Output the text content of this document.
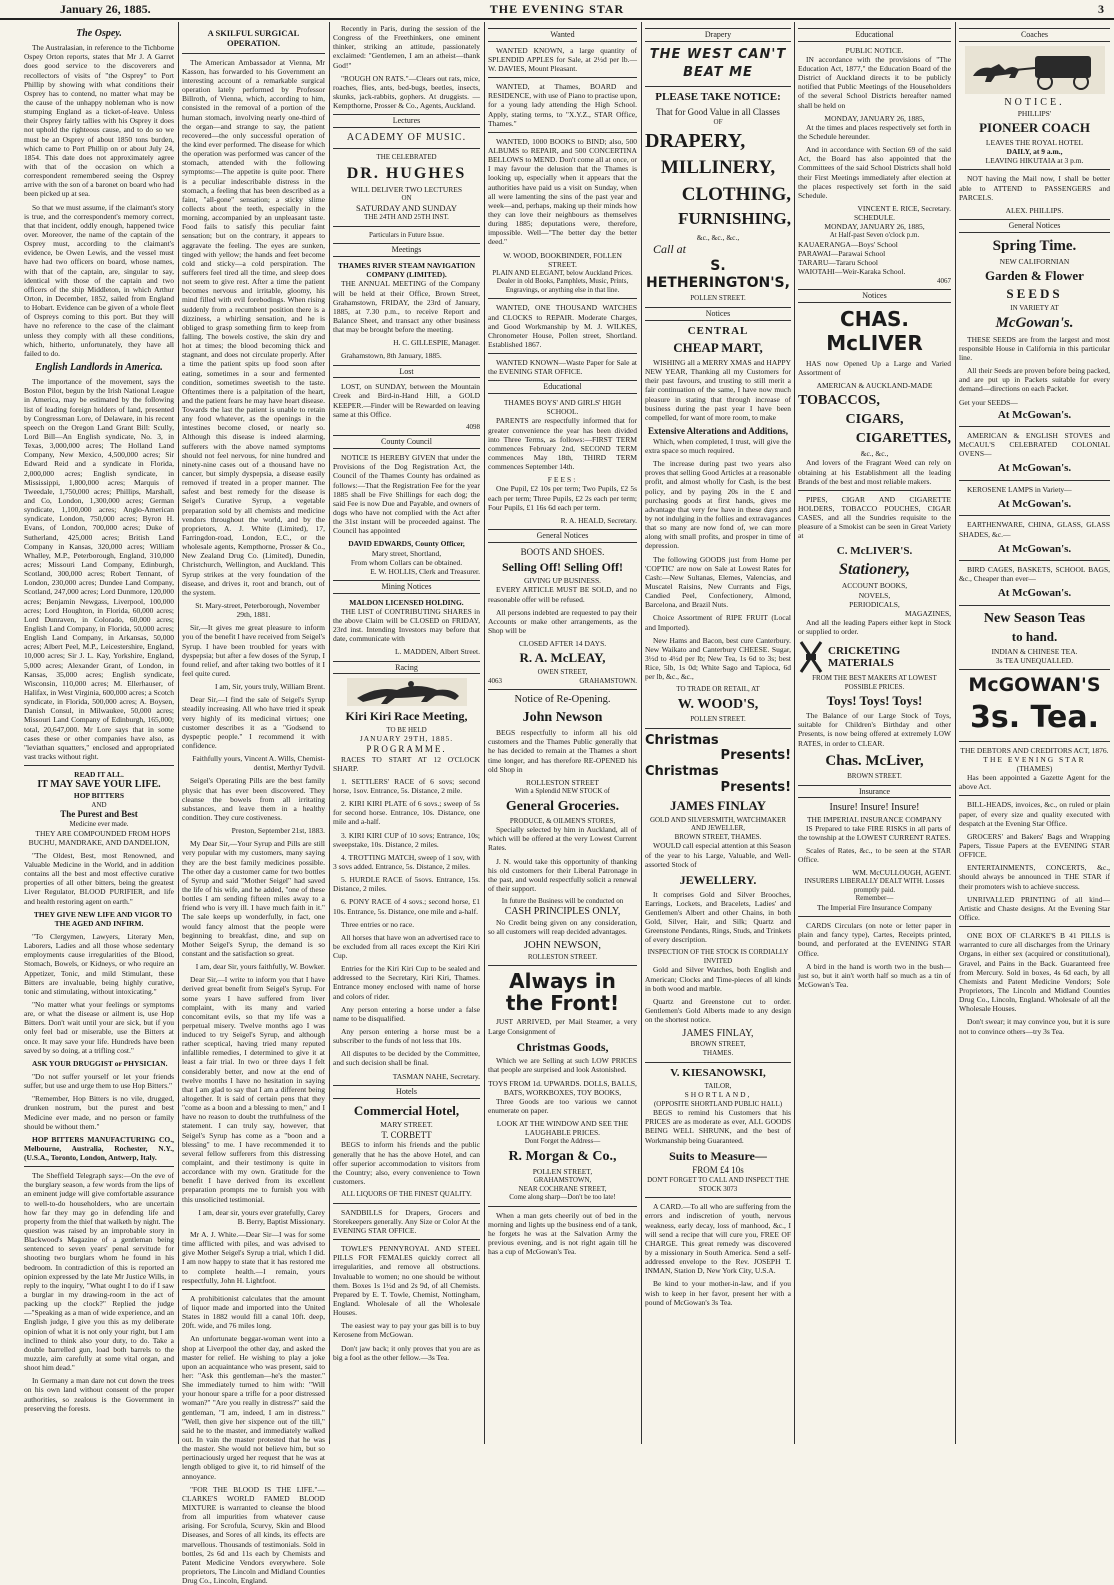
January 26, 1885.	THE EVENING STAR	3
The Ospey.

The Australasian, in reference to the Tichborne Ospey Orton reports, states that Mr J. A Garret does good service to the discoverers and recollectors of visits of "the Osprey" to Port Phillip by showing with what conditions their Osprey has to contend, no matter what may be the cause of the unhappy nobleman who is now stumping England as a ticket-of-leave. Unless their Osprey fairly tallies with his Osprey it does not uphold the righteous cause, and to do so we must be an Osprey of about 1850 tons burden, which came to Port Phillip on or about July 24, 1854. This date does not approximately agree with that of the occasion on which a correspondent remembered seeing the Osprey arrive with the son of a baronet on board who had been picked up at sea.

So that we must assume, if the claimant's story is true, and the correspondent's memory correct, that that incident, oddly enough, happened twice over. Moreover, the name of the captain of the Osprey must, according to the claimant's evidence, be Owen Lewis, and the vessel must have had two officers on board, whose names, with that of the captain, are, singular to say, identical with those of the captain and two officers of the ship Middleton, in which Arthur Orton, in December, 1852, sailed from England to Hobart. Evidence can be given of a whole fleet of Ospreys coming to this port. But they will have no reference to the case of the claimant unless they comply with all these conditions, which, hitherto, unfortunately, they have all failed to do.

English Landlords in America.

The importance of the movement, says the Boston Pilot, begun by the Irish National League in America, may be estimated by the following list of leading foreign holders of land, presented by Congressman Lore, of Delaware, in his recent speech on the Oregon Land Grant Bill: Scully, Lord Bill—An English syndicate, No. 3, in Texas, 3,000,000 acres; The Holland Land Company, New Mexico, 4,500,000 acres; Sir Edward Reid and a syndicate in Florida, 2,000,000 acres; English syndicate, in Mississippi, 1,800,000 acres; Marquis of Tweedale, 1,750,000 acres; Phillips, Marshall, and Co, London, 1,300,000 acres; German syndicate, 1,100,000 acres; Anglo-American syndicate, London, 750,000 acres; Byron H. Evans, of London, 700,000 acres; Duke of Sutherland, 425,000 acres; British Land Company in Kansas, 320,000 acres; William Whalley, M.P., Peterborough, England, 310,000 acres; Missouri Land Company, Edinburgh, Scotland, 300,000 acres; Robert Tennant, of London, 230,000 acres; Dundee Land Company, Scotland, 247,000 acres; Lord Dunmore, 120,000 acres; Benjamin Newgass, Liverpool, 100,000 acres; Lord Houghton, in Florida, 60,000 acres; Lord Dunraven, in Colorado, 60,000 acres; English Land Company, in Florida, 50,000 acres; English Land Company, in Arkansas, 50,000 acres; Albert Peel, M.P., Leicestershire, England, 10,000 acres; Sir J. L. Kay, Yorkshire, England, 5,000 acres; Alexander Grant, of London, in Kansas, 35,000 acres; English syndicate, Wisconsin, 110,000 acres; M. Ellerhauser, of Halifax, in West Virginia, 600,000 acres; a Scotch syndicate, in Florida, 500,000 acres; A. Boysen, Danish Consul, in Milwaukee, 50,000 acres; Missouri Land Company of Edinburgh, 165,000; total, 20,647,000. Mr Lore says that in some cases these or other companies have also, as "leviathan squatters," enclosed and appropriated vast tracks without right.

READ IT ALL.
IT MAY SAVE YOUR LIFE.
HOP BITTERS
AND
The Purest and Best
Medicine ever made.

THEY ARE COMPOUNDED FROM HOPS BUCHU, MANDRAKE, AND DANDELION,

"The Oldest, Best, most Renowned, and Valuable Medicine in the World, and in addition contains all the best and most effective curative properties of all other bitters, being the greatest Liver Regulator, BLOOD PURIFIER, and life and health restoring agent on earth."

THEY GIVE NEW LIFE AND VIGOR TO THE AGED AND INFIRM.

"To Clergymen, Lawyers, Literary Men, Laborers, Ladies and all those whose sedentary employments cause irregularities of the Blood, Stomach, Bowels, or Kidneys, or who require an Appetizer, Tonic, and mild Stimulant, these Bitters are invaluable, being highly curative, tonic and stimulating, without intoxicating."

"No matter what your feelings or symptoms are, or what the disease or ailment is, use Hop Bitters. Don't wait until your are sick, but if you only feel bad or miserable, use the Bitters at once. It may save your life. Hundreds have been saved by so doing, at a trifling cost."

ASK YOUR DRUGGIST or PHYSICIAN.

"Do not suffer yourself or let your friends suffer, but use and urge them to use Hop Bitters."

"Remember, Hop Bitters is no vile, drugged, drunken nostrum, but the purest and best Medicine ever made, and no person or family should be without them."

HOP BITTERS MANUFACTURING CO., Melbourne, Australia, Rochester, N.Y., (U.S.A., Toronto, London, Antwerp, Italy.

The Sheffield Telegraph says:—On the eve of the burglary season, a few words from the lips of an eminent judge will give comfortable assurance to well-to-do householders, who are uncertain how far they may go in defending life and property from the thief that walketh by night. The question was raised by an improbable story in Blackwood's Magazine of a gentleman being sentenced to seven years' penal servitude for shooting two burglars whom he found in his bedroom. In contradiction of this is reported an opinion expressed by the late Mr Justice Wills, in reply to the inquiry, "What ought I to do if I saw a burglar in my drawing-room in the act of packing up the clock?" Replied the judge—"Speaking as a man of wide experience, and an English judge, I give you this as my deliberate opinion of what it is not only your right, but I am inclined to think also your duty, to do. Take a double barrelled gun, load both barrels to the muzzle, aim carefully at some vital organ, and shoot him dead."

In Germany a man dare not cut down the trees on his own land without consent of the proper authorities, so zealous is the Government in preserving the forests.

A SKILFUL SURGICAL OPERATION.

The American Ambassador at Vienna, Mr Kasson, has forwarded to his Government an interesting account of a remarkable surgical operation lately performed by Professor Billroth, of Vienna, which, according to him, consisted in the removal of a portion of the human stomach, involving nearly one-third of the organ—and strange to say, the patient recovered—the only successful operation of the kind ever performed. The disease for which the operation was performed was cancer of the stomach, attended with the following symptoms:—The appetite is quite poor. There is a peculiar indescribable distress in the stomach, a feeling that has been described as a faint, "all-gone" sensation; a sticky slime collects about the teeth, especially in the morning, accompanied by an unpleasant taste. Food fails to satisfy this peculiar faint sensation; but on the contrary, it appears to aggravate the feeling. The eyes are sunken, tinged with yellow; the hands and feet become cold and sticky—a cold perspiration. The sufferers feel tired all the time, and sleep does not seem to give rest. After a time the patient becomes nervous and irritable, gloomy, his mind filled with evil forebodings. When rising suddenly from a recumbent position there is a dizziness, a whirling sensation, and he is obliged to grasp something firm to keep from falling. The bowels costive, the skin dry and hot at times; the blood becoming thick and stagnant, and does not circulate properly. After a time the patient spits up food soon after eating, sometimes in a sour and fermented condition, sometimes sweetish to the taste. Oftentimes there is a palpitation of the heart, and the patient fears he may have heart disease. Towards the last the patient is unable to retain any food whatever, as the openings in the intestines become closed, or nearly so. Although this disease is indeed alarming, sufferers with the above named symptoms should not feel nervous, for nine hundred and ninety-nine cases out of a thousand have no cancer, but simply dyspepsia, a disease easily removed if treated in a proper manner. The safest and best remedy for the disease is Seigel's Curative Syrup, a vegetable preparation sold by all chemists and medicine vendors throughout the world, and by the proprietors, A. J. White (Limited), 17, Farringdon-road, London, E.C., or the wholesale agents, Kempthorne, Prosser & Co., New Zealand Drug Co. (Limited), Dunedin, Christchurch, Wellington, and Auckland. This Syrup strikes at the very foundation of the disease, and drives it, root and branch, out of the system.

St. Mary-street, Peterborough, November 29th, 1881.

Sir,—It gives me great pleasure to inform you of the benefit I have received from Seigel's Syrup. I have been troubled for years with dyspepsia; but after a few doses of the Syrup, I found relief, and after taking two bottles of it I feel quite cured.

I am, Sir, yours truly, William Brent.

Dear Sir,—I find the sale of Seigel's Syrup steadily increasing. All who have tried it speak very highly of its medicinal virtues; one customer describes it as a "Godsend to dyspeptic people." I recommend it with confidence.

Faithfully yours, Vincent A. Wills, Chemist-dentist, Merthyr Tydvil.

Seigel's Operating Pills are the best family physic that has ever been discovered. They cleanse the bowels from all irritating substances, and leave them in a healthy condition. They cure costiveness.

Preston, September 21st, 1883.

My Dear Sir,—Your Syrup and Pills are still very popular with my customers, many saying they are the best family medicines possible. The other day a customer came for two bottles of Syrup and said "Mother Seigel" had saved the life of his wife, and he added, "one of these bottles I am sending fifteen miles away to a friend who is very ill. I have much faith in it." The sale keeps up wonderfully, in fact, one would fancy almost that the people were beginning to breakfast, dine, and sup on Mother Seigel's Syrup, the demand is so constant and the satisfaction so great.

I am, dear Sir, yours faithfully, W. Bowker.

Dear Sir,—I write to inform you that I have derived great benefit from Seigel's Syrup. For some years I have suffered from liver complaint, with its many and varied concomitant evils, so that my life was a perpetual misery. Twelve months ago I was induced to try Seigel's Syrup, and although rather sceptical, having tried many reputed infallible remedies, I determined to give it at least a fair trial. In two or three days I felt considerably better, and now at the end of twelve months I have no hesitation in saying that I am glad to say that I am a different being altogether. It is said of certain pens that they "come as a boon and a blessing to men," and I have no reason to doubt the truthfulness of the statement. I can truly say, however, that Seigel's Syrup has come as a "boon and a blessing" to me. I have recommended it to several fellow sufferers from this distressing complaint, and their testimony is quite in accordance with my own. Gratitude for the benefit I have derived from its excellent preparation prompts me to furnish you with this unsolicited testimonial.

I am, dear sir, yours ever gratefully, Carey B. Berry, Baptist Missionary.

Mr A. J. White.—Dear Sir—I was for some time afflicted with piles, and was advised to give Mother Seigel's Syrup a trial, which I did. I am now happy to state that it has restored me to complete health.—I remain, yours respectfully, John H. Lightfoot.

A prohibitionist calculates that the amount of liquor made and imported into the United States in 1882 would fill a canal 10ft. deep, 20ft. wide, and 76 miles long.

An unfortunate beggar-woman went into a shop at Liverpool the other day, and asked the master for relief. He wishing to play a joke upon an acquaintance who was present, said to her: "Ask this gentleman—he's the master." She immediately turned to him with: "Will your honour spare a trifle for a poor distressed woman?" "Are you really in distress?" said the gentleman, "I am, indeed, I am in distress." "Well, then give her sixpence out of the till," said he to the master, and immediately walked out. In vain the master protested that he was the master. She would not believe him, but so pertinaciously urged her request that he was at length obliged to give it, to rid himself of the annoyance.

"FOR THE BLOOD IS THE LIFE."—CLARKE'S WORLD FAMED BLOOD MIXTURE is warranted to cleanse the blood from all impurities from whatever cause arising. For Scrofula, Scurvy, Skin and Blood Diseases, and Sores of all kinds, its effects are marvellous. Thousands of testimonials. Sold in bottles, 2s 6d and 11s each by Chemists and Patent Medicine Vendors everywhere. Sole proprietors, The Lincoln and Midland Counties Drug Co., Lincoln, England.

Recently in Paris, during the session of the Congress of the Freethinkers, one eminent thinker, striking an attitude, passionately exclaimed: "Gentlemen, I am an atheist—thank God!"

"ROUGH ON RATS."—Clears out rats, mice, roaches, flies, ants, bed-bugs, beetles, insects, skunks, jack-rabbits, gophers. At druggists. —Kempthorne, Prosser & Co., Agents, Auckland.

Lectures
ACADEMY OF MUSIC.
THE CELEBRATED
DR. HUGHES
WILL DELIVER TWO LECTURES
ON
SATURDAY AND SUNDAY
THE 24TH AND 25TH INST.
Particulars in Future Issue.
Meetings
THAMES RIVER STEAM NAVIGATION COMPANY (LIMITED).

THE ANNUAL MEETING of the Company will be held at their Office, Brown Street, Grahamstown, FRIDAY, the 23rd of January, 1885, at 7.30 p.m., to receive Report and Balance Sheet, and transact any other business that may be brought before the meeting.

H. C. GILLESPIE, Manager.

Grahamstown, 8th January, 1885.

Lost

LOST, on SUNDAY, between the Mountain Creek and Bird-in-Hand Hill, a GOLD KEEPER.—Finder will be Rewarded on leaving same at this Office.

4098
County Council

NOTICE IS HEREBY GIVEN that under the Provisions of the Dog Registration Act, the Council of the Thames County has ordained as follows:—That the Registration Fee for the year 1885 shall be Five Shillings for each dog; the said Fee is now Due and Payable, and owners of dogs who have not complied with the Act after the 31st instant will be proceeded against. The Council has appointed

DAVID EDWARDS, County Officer,
Mary street, Shortland,
From whom Collars can be obtained.
E. W. HOLLIS, Clerk and Treasurer.
Mining Notices
MALDON LICENSED HOLDING.

THE LIST of CONTRIBUTING SHARES in the above Claim will be CLOSED on FRIDAY, 23rd inst. Intending Investors may before that date, communicate with

L. MADDEN, Albert Street.
Racing
Kiri Kiri Race Meeting,
TO BE HELD
JANUARY 29TH, 1885.
PROGRAMME.

RACES TO START AT 12 O'CLOCK SHARP.

1. SETTLERS' RACE of 6 sovs; second horse, 1sov. Entrance, 5s. Distance, 2 mile.

2. KIRI KIRI PLATE of 6 sovs.; sweep of 5s for second horse. Entrance, 10s. Distance, one mile and a-half.

3. KIRI KIRI CUP of 10 sovs; Entrance, 10s; sweepstake, 10s. Distance, 2 miles.

4. TROTTING MATCH, sweep of 1 sov, with 3 sovs added. Entrance, 5s. Distance, 2 miles.

5. HURDLE RACE of 5sovs. Entrance, 15s. Distance, 2 miles.

6. PONY RACE of 4 sovs.; second horse, £1 10s. Entrance, 5s. Distance, one mile and a-half.

Three entries or no race.

All horses that have won an advertised race to be excluded from all races except the Kiri Kiri Cup.

Entries for the Kiri Kiri Cup to be sealed and addressed to the Secretary, Kiri Kiri, Thames. Entrance money enclosed with name of horse and colors of rider.

Any person entering a horse under a false name to be disqualified.

Any person entering a horse must be a subscriber to the funds of not less that 10s.

All disputes to be decided by the Committee, and such decision shall be final.

TASMAN NAHE, Secretary.
Hotels
Commercial Hotel,
MARY STREET.
T. CORBETT

BEGS to inform his friends and the public generally that he has the above Hotel, and can offer superior accommodation to visitors from the Country; also, every convenience to Town customers.

ALL LIQUORS OF THE FINEST QUALITY.

SANDBILLS for Drapers, Grocers and Storekeepers generally. Any Size or Color At the EVENING STAR OFFICE.

TOWLE'S PENNYROYAL AND STEEL PILLS FOR FEMALES quickly correct all irregularities, and remove all obstructions. Invaluable to women; no one should be without them. Boxes 1s 1½d and 2s 9d, of all Chemists. Prepared by E. T. Towle, Chemist, Nottingham, England. Wholesale of all the Wholesale Houses.

The easiest way to pay your gas bill is to buy Kerosene from McGowan.

Don't jaw back; it only proves that you are as big a fool as the other fellow.—3s Tea.

Wanted

WANTED KNOWN, a large quantity of SPLENDID APPLES for Sale, at 2½d per lb.—W. DAVIES, Mount Pleasant.

WANTED, at Thames, BOARD and RESIDENCE, with use of Piano to practise upon, for a young lady attending the High School. Apply, stating terms, to "X.Y.Z., STAR Office, Thames."

WANTED, 1000 BOOKS to BIND; also, 500 ALBUMS to REPAIR, and 500 CONCERTINA BELLOWS to MEND. Don't come all at once, or I may favour the delusion that the Thames is looking up, especially when it appears that the authorities have paid us a visit on Sunday, when all were lamenting the sins of the past year and week—and, perhaps, making up their minds how they can love their neighbours as themselves during 1885; deputations were, therefore, impossible. Well—"The better day the better deed."

W. WOOD, BOOKBINDER, FOLLEN STREET.
PLAIN AND ELEGANT, below Auckland Prices.
Dealer in old Books, Pamphlets, Music, Prints, Engravings, or anything else in that line.

WANTED, ONE THOUSAND WATCHES and CLOCKS to REPAIR. Moderate Charges, and Good Workmanship by M. J. WILKES, Chronometer House, Pollen street, Shortland. Established 1867.

WANTED KNOWN—Waste Paper for Sale at the EVENING STAR OFFICE.

Educational
THAMES BOYS' AND GIRLS' HIGH SCHOOL.

PARENTS are respectfully informed that for greater convenience the year has been divided into Three Terms, as follows:—FIRST TERM commences February 2nd, SECOND TERM commences May 18th, THIRD TERM commences September 14th.

FEES:

One Pupil, £2 10s per term; Two Pupils, £2 5s each per term; Three Pupils, £2 2s each per term; Four Pupils, £1 16s 6d each per term.

R. A. HEALD, Secretary.
General Notices
BOOTS AND SHOES.
Selling Off! Selling Off!
GIVING UP BUSINESS.

EVERY ARTICLE MUST BE SOLD, and no reasonable offer will be refused.

All persons indebted are requested to pay their Accounts or make other arrangements, as the Shop will be

CLOSED AFTER 14 DAYS.
R. A. McLEAY,
OWEN STREET,
4063	GRAHAMSTOWN.
Notice of Re-Opening.
John Newson

BEGS respectfully to inform all his old customers and the Thames Public generally that he has decided to remain at the Thames a short time longer, and has therefore RE-OPENED his old Shop in

ROLLESTON STREET
With a Splendid NEW STOCK of
General Groceries.
PRODUCE, & OILMEN'S STORES,

Specially selected by him in Auckland, all of which will be offered at the very Lowest Current Rates.

J. N. would take this opportunity of thanking his old customers for their Liberal Patronage in the past, and would respectfully solicit a renewal of their support.

In future the Business will be conducted on
CASH PRINCIPLES ONLY,

No Credit being given on any consideration, so all customers will reap decided advantages.

JOHN NEWSON,
ROLLESTON STREET.
Always in the Front!

JUST ARRIVED, per Mail Steamer, a very Large Consignment of

Christmas Goods,

Which we are Selling at such LOW PRICES that people are surprised and look Astonished.

TOYS FROM 1d. UPWARDS. DOLLS, BALLS, BATS, WORKBOXES, TOY BOOKS,

Three Goods are too various we cannot enumerate on paper.

LOOK AT THE WINDOW AND SEE THE LAUGHABLE PRICES.
Dont Forget the Address—
R. Morgan & Co.,
POLLEN STREET,
GRAHAMSTOWN,
NEAR COCHRANE STREET,
Come along sharp—Don't be too late!

When a man gets cheerily out of bed in the morning and lights up the business end of a tank, he forgets he was at the Salvation Army the previous evening, and is not right again till he has a cup of McGowan's Tea.

Drapery
THE WEST CAN'T BEAT ME
PLEASE TAKE NOTICE:
That for Good Value in all Classes
OF
DRAPERY,
MILLINERY,
CLOTHING,
FURNISHING,
&c., &c., &c.,
Call at
S. HETHERINGTON'S,
POLLEN STREET.
Notices
CENTRAL
CHEAP MART,

WISHING all a MERRY XMAS and HAPPY NEW YEAR, Thanking all my Customers for their past favours, and trusting to still merit a fair continuation of the same, I have now much pleasure in stating that through increase of business during the past year I have been compelled, for want of more room, to make

Extensive Alterations and Additions,

Which, when completed, I trust, will give the extra space so much required.

The increase during past two years also proves that selling Good Articles at a reasonable profit, and almost wholly for Cash, is the best policy, and by paying 20s in the £ and purchasing goods at first hands, gives me advantage that very few have in these days and by not indulging in the follies and extravagances that so many are now fond of, we can more along with small profits, and prosper in time of depression.

The following GOODS just from Home per 'COPTIC' are now on Sale at Lowest Rates for Cash:—New Sultanas, Elemes, Valencias, and Muscatel Raisins, New Currants and Figs, Candied Peel, Confectionery, Almond, Barcelona, and Brazil Nuts.

Choice Assortment of RIPE FRUIT (Local and Imported).

New Hams and Bacon, best cure Canterbury. New Waikato and Canterbury CHEESE. Sugar, 3½d to 4½d per lb; New Tea, 1s 6d to 3s; best Rice, 5lb, 1s 0d; White Sago and Tapioca, 6d per lb, &c., &c.,

TO TRADE OR RETAIL, AT
W. WOOD'S,
POLLEN STREET.
Christmas
Presents!
Christmas
Presents!
JAMES FINLAY
GOLD AND SILVERSMITH, WATCHMAKER AND JEWELLER,
BROWN STREET, THAMES.

WOULD call especial attention at this Season of the year to his Large, Valuable, and Well-assorted Stock of

JEWELLERY.

It comprises Gold and Silver Brooches, Earrings, Lockets, and Bracelets, Ladies' and Gentlemen's Albert and other Chains, in both Gold, Silver, Hair, and Silk; Quartz and Greenstone Pendants, Rings, Studs, and Trinkets of every description.

INSPECTION OF THE STOCK IS CORDIALLY INVITED

Gold and Silver Watches, both English and American; Clocks and Time-pieces of all kinds in both wood and marble.

Quartz and Greenstone cut to order. Gentlemen's Gold Alberts made to any design on the shortest notice.

JAMES FINLAY,
BROWN STREET,
THAMES.
V. KIESANOWSKI,
TAILOR,
SHORTLAND,
(OPPOSITE SHORTLAND PUBLIC HALL)

BEGS to remind his Customers that his PRICES are as moderate as ever, ALL GOODS BEING WELL SHRUNK, and the best of Workmanship being Guaranteed.

Suits to Measure—
FROM £4 10s
DON'T FORGET TO CALL AND INSPECT THE STOCK 3073

A CARD.—To all who are suffering from the errors and indiscretion of youth, nervous weakness, early decay, loss of manhood, &c., I will send a recipe that will cure you, FREE OF CHARGE. This great remedy was discovered by a missionary in South America. Send a self-addressed envelope to the Rev. JOSEPH T. INMAN, Station D, New York City, U.S.A.

Be kind to your mother-in-law, and if you wish to keep in her favor, present her with a pound of McGowan's 3s Tea.

Educational
PUBLIC NOTICE.

IN accordance with the provisions of "The Education Act, 1877," the Education Board of the District of Auckland directs it to be publicly notified that Public Meetings of the Householders of the several School Districts hereafter named shall be held on

MONDAY, JANUARY 26, 1885,

At the times and places respectively set forth in the Schedule hereunder.

And in accordance with Section 69 of the said Act, the Board has also appointed that the Committees of the said School Districts shall hold their First Meetings immediately after election at the places respectively set forth in the said Schedule.

VINCENT E. RICE, Secretary.
SCHEDULE.
MONDAY, JANUARY 26, 1885,
At Half-past Seven o'clock p.m.
KAUAERANGA—Boys' School
PARAWAI—Parawai School
TARARU—Tararu School
WAIOTAHI—Weir-Karaka School.
4067
Notices
CHAS. McLIVER

HAS now Opened Up a Large and Varied Assortment of

AMERICAN & AUCKLAND-MADE
TOBACCOS,
CIGARS,
CIGARETTES,
&c., &c.,

And lovers of the Fragrant Weed can rely on obtaining at his Establishment all the leading Brands of the best and most reliable makers.

PIPES, CIGAR AND CIGARETTE HOLDERS, TOBACCO POUCHES, CIGAR CASES, and all the Sundries requisite to the pleasure of a Smokist can be seen in Great Variety at

C. McLIVER'S.
Stationery,
ACCOUNT BOOKS,
NOVELS,
PERIODICALS,
MAGAZINES,

And all the leading Papers either kept in Stock or supplied to order.

CRICKETING MATERIALS
FROM THE BEST MAKERS AT LOWEST POSSIBLE PRICES.
Toys! Toys! Toys!

The Balance of our Large Stock of Toys, suitable for Children's Birthday and other Presents, is now being offered at extremely LOW RATES, in order to CLEAR.

Chas. McLiver,
BROWN STREET.
Insurance
Insure! Insure! Insure!
THE IMPERIAL INSURANCE COMPANY

IS Prepared to take FIRE RISKS in all parts of the township at the LOWEST CURRENT RATES.

Scales of Rates, &c., to be seen at the STAR Office.

WM. McCULLOUGH, AGENT.
INSURERS LIBERALLY DEALT WITH. Losses promptly paid.
Remember—
The Imperial Fire Insurance Company

CARDS Circulars (on note or letter paper in plain and fancy type), Cartes, Receipts printed, bound, and perforated at the EVENING STAR Office.

A bird in the hand is worth two in the bush—just so, but it ain't worth half so much as a tin of McGowan's Tea.

Coaches
NOTICE.
PHILLIPS'
PIONEER COACH
LEAVES THE ROYAL HOTEL
DAILY, at 9 a.m.,
LEAVING HIKUTAIA at 3 p.m.

NOT having the Mail now, I shall be better able to ATTEND to PASSENGERS and PARCELS.

ALEX. PHILLIPS.
General Notices
Spring Time.
NEW CALIFORNIAN
Garden & Flower
SEEDS
IN VARIETY AT
McGowan's.

THESE SEEDS are from the largest and most responsible House in California in this particular line.

All their Seeds are proven before being packed, and are put up in Packets suitable for every demand—directions on each Packet.

Get your SEEDS—
At McGowan's.

AMERICAN & ENGLISH STOVES and McCAUL'S CELEBRATED COLONIAL OVENS—

At McGowan's.

KEROSENE LAMPS in Variety—

At McGowan's.

EARTHENWARE, CHINA, GLASS, GLASS SHADES, &c.—

At McGowan's.

BIRD CAGES, BASKETS, SCHOOL BAGS, &c., Cheaper than ever—

At McGowan's.
New Season Teas
to hand.
INDIAN & CHINESE TEA.
3s TEA UNEQUALLED.
McGOWAN'S
3s. Tea.
THE DEBTORS AND CREDITORS ACT, 1876.
THE EVENING STAR
(THAMES)

Has been appointed a Gazette Agent for the above Act.

BILL-HEADS, invoices, &c., on ruled or plain paper, of every size and quality executed with despatch at the Evening Star Office.

GROCERS' and Bakers' Bags and Wrapping Papers, Tissue Papers at the EVENING STAR OFFICE.

ENTERTAINMENTS, CONCERTS, &c., should always be announced in THE STAR if their promoters wish to achieve success.

UNRIVALLED PRINTING of all kind—Artistic and Chaste designs. At the Evening Star Office.

ONE BOX OF CLARKE'S B 41 PILLS is warranted to cure all discharges from the Urinary Organs, in either sex (acquired or constitutional), Gravel, and Pains in the Back. Guaranteed free from Mercury. Sold in boxes, 4s 6d each, by all Chemists and Patent Medicine Vendors; Sole Proprietors, The Lincoln and Midland Counties Drug Co., Lincoln, England. Wholesale of all the Wholesale Houses.

Don't swear; it may convince you, but it is sure not to convince others—try 3s Tea.
